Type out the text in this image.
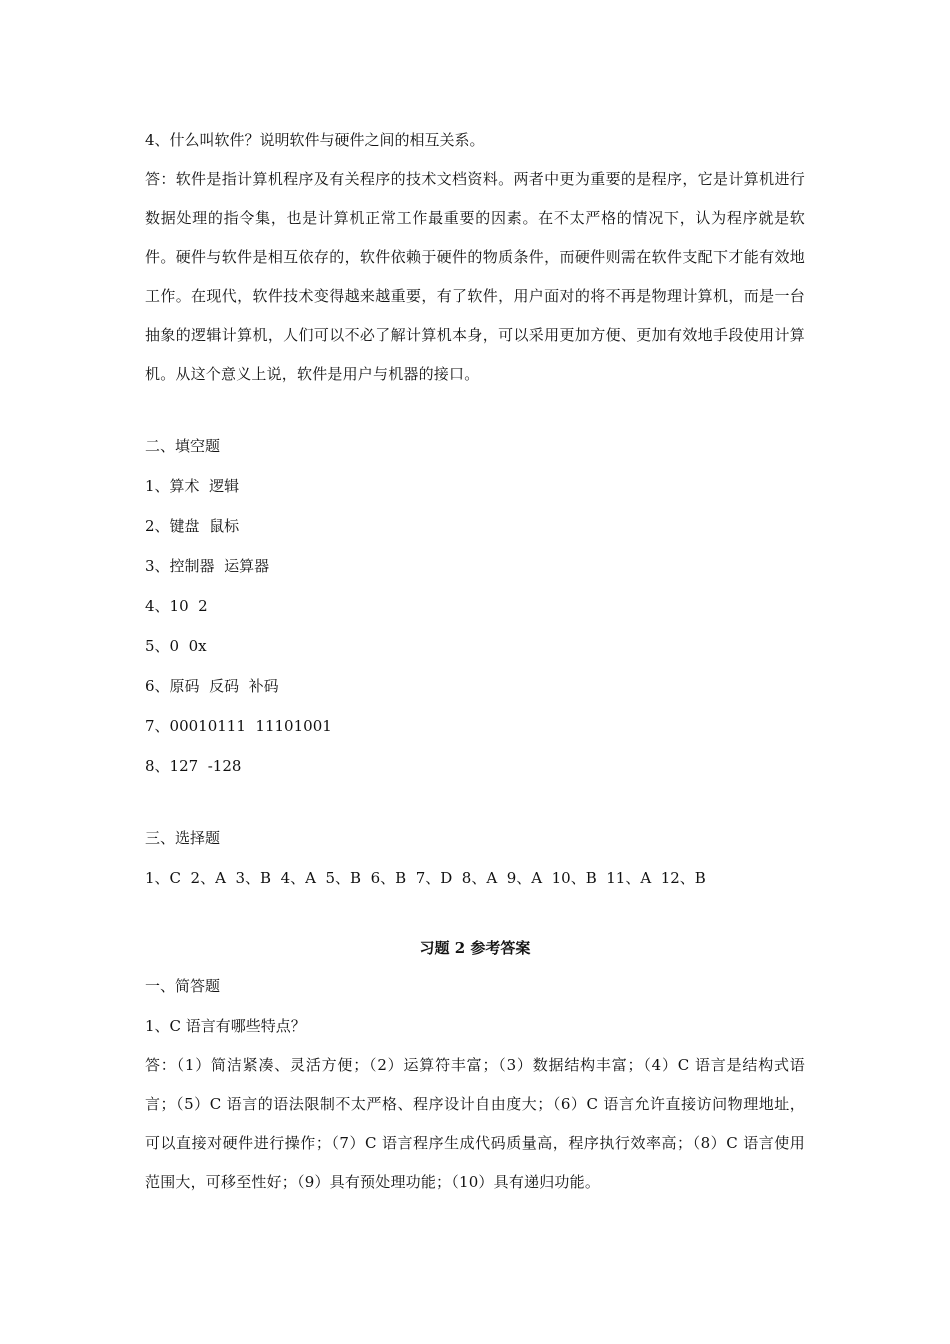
4、什么叫软件？说明软件与硬件之间的相互关系。

答：软件是指计算机程序及有关程序的技术文档资料。两者中更为重要的是程序，它是计算机进行数据处理的指令集，也是计算机正常工作最重要的因素。在不太严格的情况下，认为程序就是软件。硬件与软件是相互依存的，软件依赖于硬件的物质条件，而硬件则需在软件支配下才能有效地工作。在现代，软件技术变得越来越重要，有了软件，用户面对的将不再是物理计算机，而是一台抽象的逻辑计算机，人们可以不必了解计算机本身，可以采用更加方便、更加有效地手段使用计算机。从这个意义上说，软件是用户与机器的接口。

二、填空题

1、算术  逻辑

2、键盘  鼠标

3、控制器  运算器

4、10  2

5、0  0x

6、原码  反码  补码

7、00010111  11101001

8、127  -128

三、选择题

1、C  2、A  3、B  4、A  5、B  6、B  7、D  8、A  9、A  10、B  11、A  12、B

习题 2 参考答案

一、简答题

1、C 语言有哪些特点？

答：（1）简洁紧凑、灵活方便；（2）运算符丰富；（3）数据结构丰富；（4）C 语言是结构式语言；（5）C 语言的语法限制不太严格、程序设计自由度大；（6）C 语言允许直接访问物理地址，可以直接对硬件进行操作；（7）C 语言程序生成代码质量高，程序执行效率高；（8）C 语言使用范围大，可移至性好；（9）具有预处理功能；（10）具有递归功能。
